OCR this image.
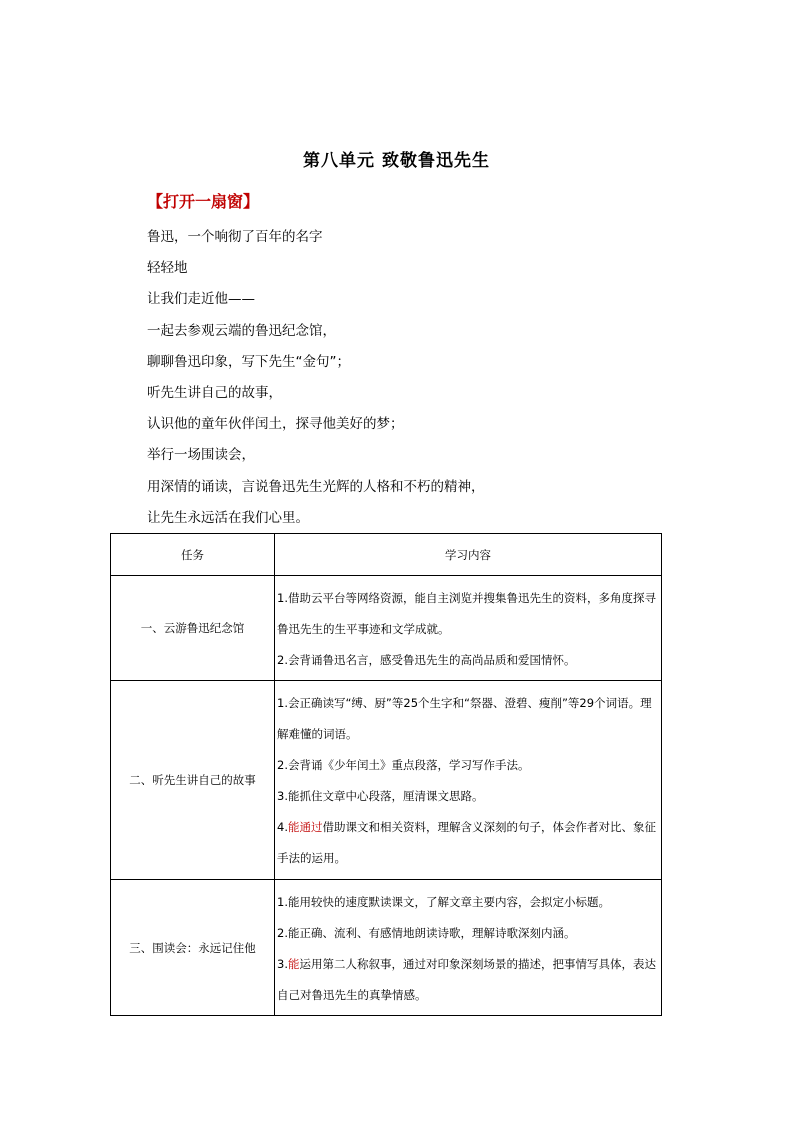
第八单元 致敬鲁迅先生
【打开一扇窗】
鲁迅，一个响彻了百年的名字
轻轻地
让我们走近他——
一起去参观云端的鲁迅纪念馆，
聊聊鲁迅印象，写下先生“金句”；
听先生讲自己的故事，
认识他的童年伙伴闰土，探寻他美好的梦；
举行一场围读会，
用深情的诵读，言说鲁迅先生光辉的人格和不朽的精神，
让先生永远活在我们心里。
任务	学习内容
一、云游鲁迅纪念馆	1.借助云平台等网络资源，能自主浏览并搜集鲁迅先生的资料，多角度探寻鲁迅先生的生平事迹和文学成就。
2.会背诵鲁迅名言，感受鲁迅先生的高尚品质和爱国情怀。

二、听先生讲自己的故事	1.会正确读写“缚、厨”等25个生字和“祭器、澄碧、瘦削”等29个词语。理解难懂的词语。
2.会背诵《少年闰土》重点段落，学习写作手法。
3.能抓住文章中心段落，厘清课文思路。
4.能通过借助课文和相关资料，理解含义深刻的句子，体会作者对比、象征手法的运用。

三、围读会：永远记住他	1.能用较快的速度默读课文，了解文章主要内容，会拟定小标题。
2.能正确、流利、有感情地朗读诗歌，理解诗歌深刻内涵。
3.能运用第二人称叙事，通过对印象深刻场景的描述，把事情写具体，表达自己对鲁迅先生的真挚情感。
